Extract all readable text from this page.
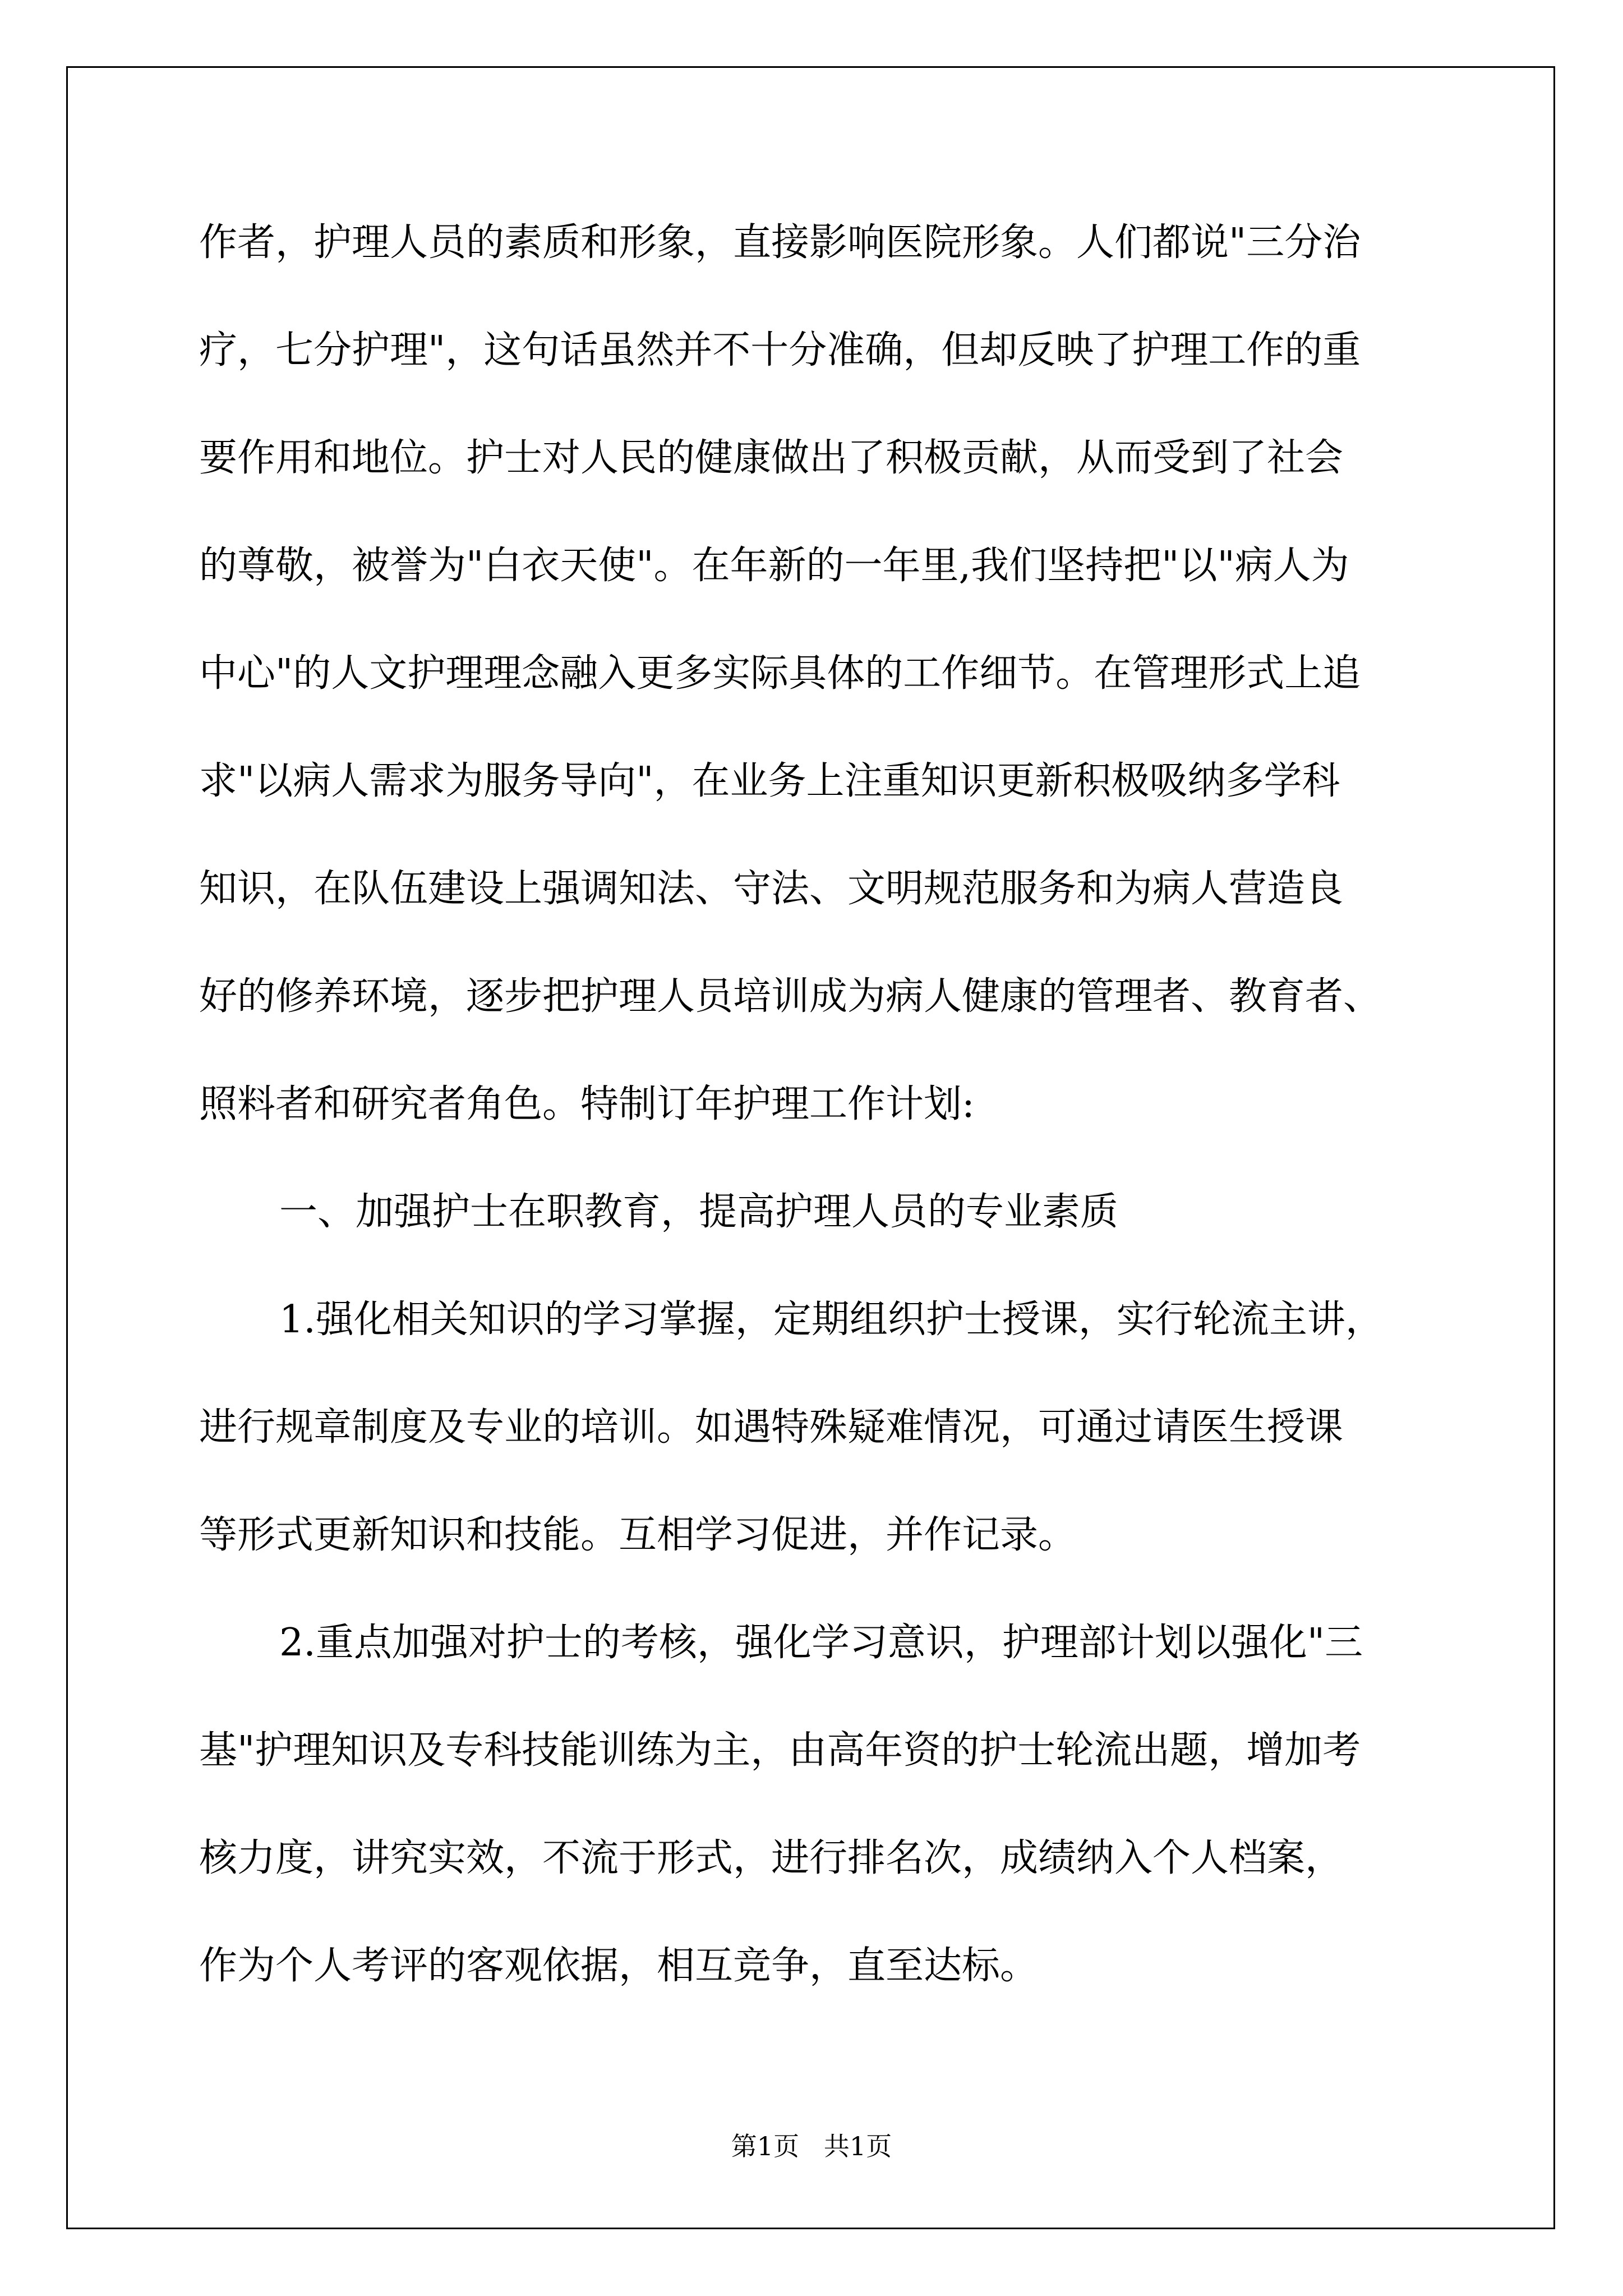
作者，护理人员的素质和形象，直接影响医院形象。人们都说"三分治
疗，七分护理"，这句话虽然并不十分准确，但却反映了护理工作的重
要作用和地位。护士对人民的健康做出了积极贡献，从而受到了社会
的尊敬，被誉为"白衣天使"。在年新的一年里,我们坚持把"以"病人为
中心"的人文护理理念融入更多实际具体的工作细节。在管理形式上追
求"以病人需求为服务导向"，在业务上注重知识更新积极吸纳多学科
知识，在队伍建设上强调知法、守法、文明规范服务和为病人营造良
好的修养环境，逐步把护理人员培训成为病人健康的管理者、教育者、
照料者和研究者角色。特制订年护理工作计划:
一、加强护士在职教育，提高护理人员的专业素质
1.强化相关知识的学习掌握，定期组织护士授课，实行轮流主讲，
进行规章制度及专业的培训。如遇特殊疑难情况，可通过请医生授课
等形式更新知识和技能。互相学习促进，并作记录。
2.重点加强对护士的考核，强化学习意识，护理部计划以强化"三
基"护理知识及专科技能训练为主，由高年资的护士轮流出题，增加考
核力度，讲究实效，不流于形式，进行排名次，成绩纳入个人档案，
作为个人考评的客观依据，相互竞争，直至达标。
第1页   共1页
